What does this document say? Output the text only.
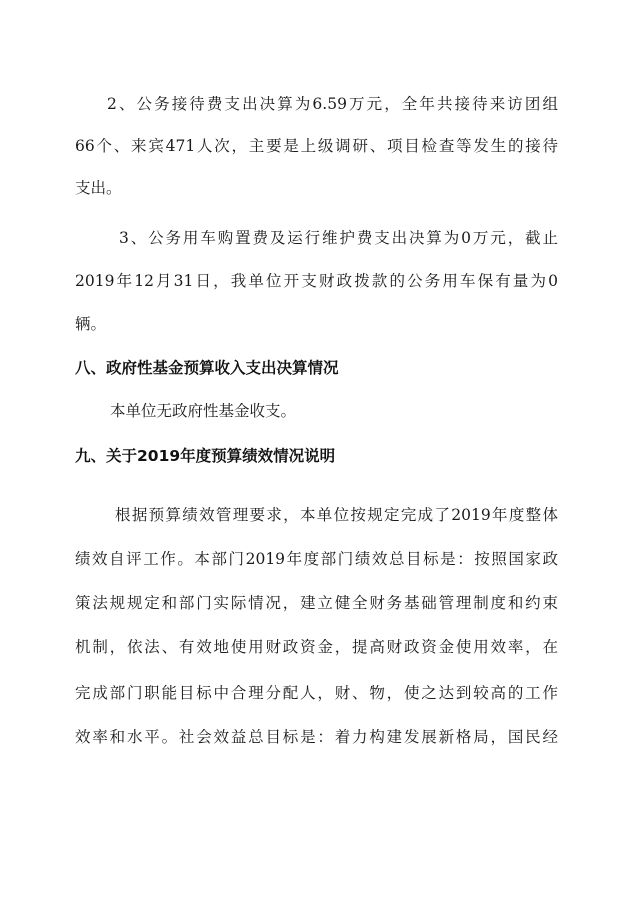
2、公务接待费支出决算为6.59万元，全年共接待来访团组
66个、来宾471人次，主要是上级调研、项目检查等发生的接待
支出。
3、公务用车购置费及运行维护费支出决算为0万元，截止
2019年12月31日，我单位开支财政拨款的公务用车保有量为0
辆。
八、政府性基金预算收入支出决算情况
本单位无政府性基金收支。
九、关于2019年度预算绩效情况说明
根据预算绩效管理要求，本单位按规定完成了2019年度整体
绩效自评工作。本部门2019年度部门绩效总目标是：按照国家政
策法规规定和部门实际情况，建立健全财务基础管理制度和约束
机制，依法、有效地使用财政资金，提高财政资金使用效率，在
完成部门职能目标中合理分配人，财、物，使之达到较高的工作
效率和水平。社会效益总目标是：着力构建发展新格局，国民经
